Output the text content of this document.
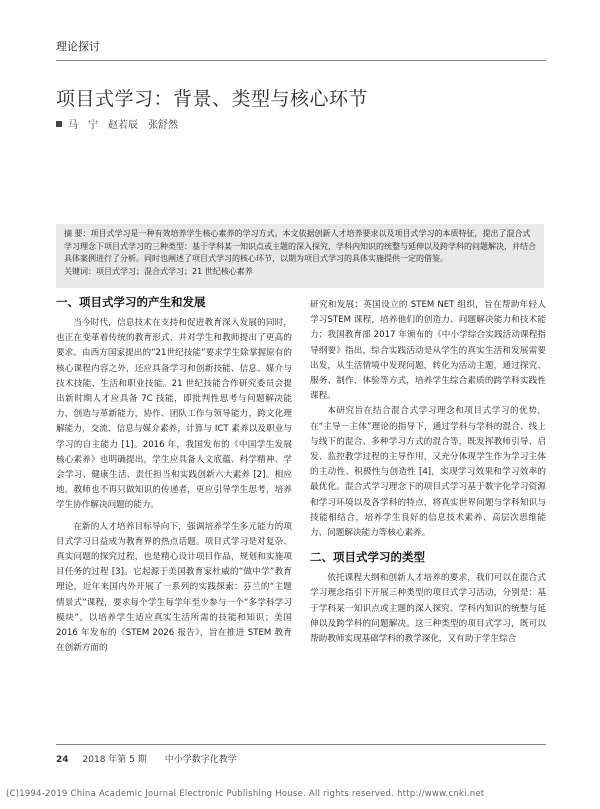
理论探讨
项目式学习：背景、类型与核心环节
马　宁　赵若辰　张舒然
摘 要：项目式学习是一种有效培养学生核心素养的学习方式。本文依据创新人才培养要求以及项目式学习的本质特征，提出了混合式学习理念下项目式学习的三种类型：基于学科某一知识点或主题的深入探究，学科内知识的统整与延伸以及跨学科的问题解决，并结合具体案例进行了分析。同时也阐述了项目式学习的核心环节，以期为项目式学习的具体实施提供一定的借鉴。
关键词：项目式学习；混合式学习；21 世纪核心素养
一、项目式学习的产生和发展

当今时代，信息技术在支持和促进教育深入发展的同时，也正在变革着传统的教育形式，并对学生和教师提出了更高的要求。由西方国家提出的“21世纪技能”要求学生除掌握原有的核心课程内容之外，还应具备学习和创新技能、信息、媒介与技术技能、生活和职业技能。21 世纪技能合作研究委员会提出新时期人才应具备 7C 技能，即批判性思考与问题解决能力，创造与革新能力，协作、团队工作与领导能力，跨文化理解能力，交流、信息与媒介素养，计算与 ICT 素养以及职业与学习的自主能力 [1]。2016 年，我国发布的《中国学生发展核心素养》也明确提出，学生应具备人文底蕴、科学精神、学会学习、健康生活、责任担当和实践创新六大素养 [2]。相应地，教师也不再只做知识的传递者，更应引导学生思考，培养学生协作解决问题的能力。

在新的人才培养目标导向下，强调培养学生多元能力的项目式学习日益成为教育界的热点话题。项目式学习是对复杂、真实问题的探究过程，也是精心设计项目作品，规划和实施项目任务的过程 [3]。它起源于美国教育家杜威的“做中学”教育理论，近年来国内外开展了一系列的实践探索：芬兰的“主题情景式”课程，要求每个学生每学年至少参与一个“多学科学习模块”，以培养学生适应真实生活所需的技能和知识；美国 2016 年发布的《STEM 2026 报告》，旨在推进 STEM 教育在创新方面的

研究和发展；英国设立的 STEM NET 组织，旨在帮助年轻人学习STEM 课程，培养他们的创造力、问题解决能力和技术能力；我国教育部 2017 年颁布的《中小学综合实践活动课程指导纲要》指出，综合实践活动是从学生的真实生活和发展需要出发，从生活情境中发现问题，转化为活动主题，通过探究、服务、制作、体验等方式，培养学生综合素质的跨学科实践性课程。

本研究旨在结合混合式学习理念和项目式学习的优势，在“主导－主体”理论的指导下，通过学科与学科的混合、线上与线下的混合、多种学习方式的混合等，既发挥教师引导、启发、监控教学过程的主导作用，又充分体现学生作为学习主体的主动性、积极性与创造性 [4]，实现学习效果和学习效率的最优化。混合式学习理念下的项目式学习基于数字化学习资源和学习环境以及各学科的特点，将真实世界问题与学科知识与技能相结合，培养学生良好的信息技术素养、高层次思维能力、问题解决能力等核心素养。

二、项目式学习的类型

依托课程大纲和创新人才培养的要求，我们可以在混合式学习理念指引下开展三种类型的项目式学习活动，分别是：基于学科某一知识点或主题的深入探究、学科内知识的统整与延伸以及跨学科的问题解决。这三种类型的项目式学习，既可以帮助教师实现基础学科的教学深化，又有助于学生综合

24 2018 年第 5 期　　中小学数字化教学
(C)1994-2019 China Academic Journal Electronic Publishing House. All rights reserved. http://www.cnki.net
